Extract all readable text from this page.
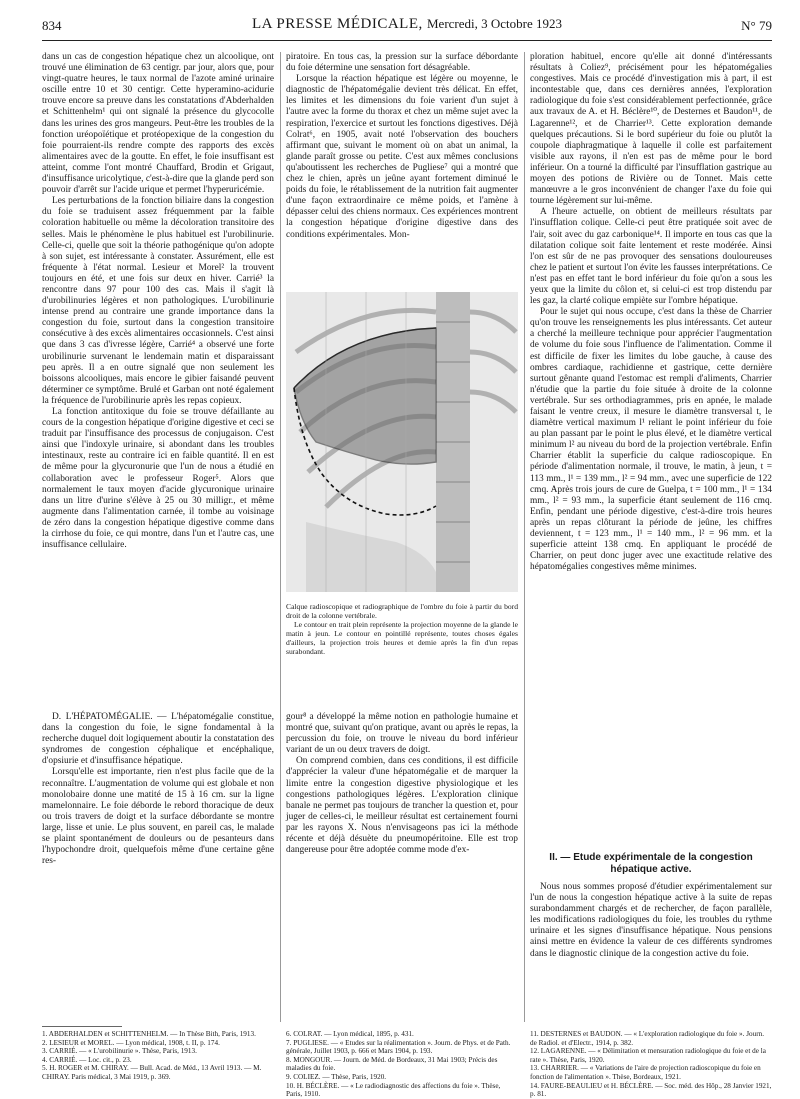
834	LA PRESSE MÉDICALE, Mercredi, 3 Octobre 1923	N° 79

dans un cas de congestion hépatique chez un alcoolique, ont trouvé une élimination de 63 centigr. par jour, alors que, pour vingt-quatre heures, le taux normal de l'azote aminé urinaire oscille entre 10 et 30 centigr. Cette hyperamino-acidurie trouve encore sa preuve dans les constatations d'Abderhalden et Schittenhelm¹ qui ont signalé la présence du glycocolle dans les urines des gros mangeurs. Peut-être les troubles de la fonction uréopoïétique et protéopexique de la congestion du foie pourraient-ils rendre compte des rapports des excès alimentaires avec de la goutte. En effet, le foie insuffisant est atteint, comme l'ont montré Chauffard, Brodin et Grigaut, d'insuffisance uricolytique, c'est-à-dire que la glande perd son pouvoir d'arrêt sur l'acide urique et permet l'hyperuricémie.

Les perturbations de la fonction biliaire dans la congestion du foie se traduisent assez fréquemment par la faible coloration habituelle ou même la décoloration transitoire des selles. Mais le phénomène le plus habituel est l'urobilinurie. Celle-ci, quelle que soit la théorie pathogénique qu'on adopte à son sujet, est intéressante à constater. Assurément, elle est fréquente à l'état normal. Lesieur et Morel² la trouvent toujours en été, et une fois sur deux en hiver. Carrié³ la rencontre dans 97 pour 100 des cas. Mais il s'agit là d'urobilinuries légères et non pathologiques. L'urobilinurie intense prend au contraire une grande importance dans la congestion du foie, surtout dans la congestion transitoire consécutive à des excès alimentaires occasionnels. C'est ainsi que dans 3 cas d'ivresse légère, Carrié⁴ a observé une forte urobilinurie survenant le lendemain matin et disparaissant peu après. Il a en outre signalé que non seulement les boissons alcooliques, mais encore le gibier faisandé peuvent déterminer ce symptôme. Brulé et Garban ont noté également la fréquence de l'urobilinurie après les repas copieux.

La fonction antitoxique du foie se trouve défaillante au cours de la congestion hépatique d'origine digestive et ceci se traduit par l'insuffisance des processus de conjugaison. C'est ainsi que l'indoxyle urinaire, si abondant dans les troubles intestinaux, reste au contraire ici en faible quantité. Il en est de même pour la glycuronurie que l'un de nous a étudié en collaboration avec le professeur Roger⁵. Alors que normalement le taux moyen d'acide glycuronique urinaire dans un litre d'urine s'élève à 25 ou 30 milligr., et même augmente dans l'alimentation carnée, il tombe au voisinage de zéro dans la congestion hépatique digestive comme dans la cirrhose du foie, ce qui montre, dans l'un et l'autre cas, une insuffisance cellulaire.

D. L'HÉPATOMÉGALIE. — L'hépatomégalie constitue, dans la congestion du foie, le signe fondamental à la recherche duquel doit logiquement aboutir la constatation des syndromes de congestion céphalique et encéphalique, d'opsiurie et d'insuffisance hépatique.

Lorsqu'elle est importante, rien n'est plus facile que de la reconnaître. L'augmentation de volume qui est globale et non monolobaire donne une matité de 15 à 16 cm. sur la ligne mamelonnaire. Le foie déborde le rebord thoracique de deux ou trois travers de doigt et la surface débordante se montre large, lisse et unie. Le plus souvent, en pareil cas, le malade se plaint spontanément de douleurs ou de pesanteurs dans l'hypochondre droit, quelquefois même d'une certaine gêne res-

piratoire. En tous cas, la pression sur la surface débordante du foie détermine une sensation fort désagréable.

Lorsque la réaction hépatique est légère ou moyenne, le diagnostic de l'hépatomégalie devient très délicat. En effet, les limites et les dimensions du foie varient d'un sujet à l'autre avec la forme du thorax et chez un même sujet avec la respiration, l'exercice et surtout les fonctions digestives. Déjà Colrat⁶, en 1905, avait noté l'observation des bouchers affirmant que, suivant le moment où on abat un animal, la glande paraît grosse ou petite. C'est aux mêmes conclusions qu'aboutissent les recherches de Pugliese⁷ qui a montré que chez le chien, après un jeûne ayant fortement diminué le poids du foie, le rétablissement de la nutrition fait augmenter d'une façon extraordinaire ce même poids, et l'amène à dépasser celui des chiens normaux. Ces expériences montrent la congestion hépatique d'origine digestive dans des conditions expérimentales. Mon-

Calque radioscopique et radiographique de l'ombre du foie à partir du bord droit de la colonne vertébrale.
Le contour en trait plein représente la projection moyenne de la glande le matin à jeun. Le contour en pointillé représente, toutes choses égales d'ailleurs, la projection trois heures et demie après la fin d'un repas surabondant.

gour⁸ a développé la même notion en pathologie humaine et montré que, suivant qu'on pratique, avant ou après le repas, la percussion du foie, on trouve le niveau du bord inférieur variant de un ou deux travers de doigt.

On comprend combien, dans ces conditions, il est difficile d'apprécier la valeur d'une hépatomégalie et de marquer la limite entre la congestion digestive physiologique et les congestions pathologiques légères. L'exploration clinique banale ne permet pas toujours de trancher la question et, pour juger de celles-ci, le meilleur résultat est certainement fourni par les rayons X. Nous n'envisageons pas ici la méthode récente et déjà désuète du pneumopéritoine. Elle est trop dangereuse pour être adoptée comme mode d'ex-

ploration habituel, encore qu'elle ait donné d'intéressants résultats à Coliez⁹, précisément pour les hépatomégalies congestives. Mais ce procédé d'investigation mis à part, il est incontestable que, dans ces dernières années, l'exploration radiologique du foie s'est considérablement perfectionnée, grâce aux travaux de A. et H. Béclère¹⁰, de Desternes et Baudon¹¹, de Lagarenne¹², et de Charrier¹³. Cette exploration demande quelques précautions. Si le bord supérieur du foie ou plutôt la coupole diaphragmatique à laquelle il colle est parfaitement visible aux rayons, il n'en est pas de même pour le bord inférieur. On a tourné la difficulté par l'insufflation gastrique au moyen des potions de Rivière ou de Tonnet. Mais cette manœuvre a le gros inconvénient de changer l'axe du foie qui tourne légèrement sur lui-même.

A l'heure actuelle, on obtient de meilleurs résultats par l'insufflation colique. Celle-ci peut être pratiquée soit avec de l'air, soit avec du gaz carbonique¹⁴. Il importe en tous cas que la dilatation colique soit faite lentement et reste modérée. Ainsi l'on est sûr de ne pas provoquer des sensations douloureuses chez le patient et surtout l'on évite les fausses interprétations. Ce n'est pas en effet tant le bord inférieur du foie qu'on a sous les yeux que la limite du côlon et, si celui-ci est trop distendu par les gaz, la clarté colique empiète sur l'ombre hépatique.

Pour le sujet qui nous occupe, c'est dans la thèse de Charrier qu'on trouve les renseignements les plus intéressants. Cet auteur a cherché la meilleure technique pour apprécier l'augmentation de volume du foie sous l'influence de l'alimentation. Comme il est difficile de fixer les limites du lobe gauche, à cause des ombres cardiaque, rachidienne et gastrique, cette dernière surtout gênante quand l'estomac est rempli d'aliments, Charrier n'étudie que la partie du foie située à droite de la colonne vertébrale. Sur ses orthodiagrammes, pris en apnée, le malade faisant le ventre creux, il mesure le diamètre transversal t, le diamètre vertical maximum l¹ reliant le point inférieur du foie au plan passant par le point le plus élevé, et le diamètre vertical minimum l² au niveau du bord de la projection vertébrale. Enfin Charrier établit la superficie du calque radioscopique. En période d'alimentation normale, il trouve, le matin, à jeun, t = 113 mm., l¹ = 139 mm., l² = 94 mm., avec une superficie de 122 cmq. Après trois jours de cure de Guelpa, t = 100 mm., l¹ = 134 mm., l² = 93 mm., la superficie étant seulement de 116 cmq. Enfin, pendant une période digestive, c'est-à-dire trois heures après un repas clôturant la période de jeûne, les chiffres deviennent, t = 123 mm., l¹ = 140 mm., l² = 96 mm. et la superficie atteint 138 cmq. En appliquant le procédé de Charrier, on peut donc juger avec une exactitude relative des hépatomégalies congestives même minimes.

II. — Etude expérimentale de la congestion hépatique active.

Nous nous sommes proposé d'étudier expérimentalement sur l'un de nous la congestion hépatique active à la suite de repas surabondamment chargés et de rechercher, de façon parallèle, les modifications radiologiques du foie, les troubles du rythme urinaire et les signes d'insuffisance hépatique. Nous pensions ainsi mettre en évidence la valeur de ces différents syndromes dans le diagnostic clinique de la congestion active du foie.

1. ABDERHALDEN et SCHITTENHELM. — In Thèse Bith, Paris, 1913.
2. LESIEUR et MOREL. — Lyon médical, 1908, t. II, p. 174.
3. CARRIÉ. — « L'urobilinurie ». Thèse, Paris, 1913.
4. CARRIÉ. — Loc. cit., p. 23.
5. H. ROGER et M. CHIRAY. — Bull. Acad. de Méd., 13 Avril 1913. — M. CHIRAY. Paris médical, 3 Mai 1919, p. 369.
6. COLRAT. — Lyon médical, 1895, p. 431.
7. PUGLIESE. — « Etudes sur la réalimentation ». Journ. de Phys. et de Path. générale, Juillet 1903, p. 666 et Mars 1904, p. 193.
8. MONGOUR. — Journ. de Méd. de Bordeaux, 31 Mai 1903; Précis des maladies du foie.
9. COLIEZ. — Thèse, Paris, 1920.
10. H. BÉCLÈRE. — « Le radiodiagnostic des affections du foie ». Thèse, Paris, 1910.
11. DESTERNES et BAUDON. — « L'exploration radiologique du foie ». Journ. de Radiol. et d'Electr., 1914, p. 382.
12. LAGARENNE. — « Délimitation et mensuration radiologique du foie et de la rate ». Thèse, Paris, 1920.
13. CHARRIER. — « Variations de l'aire de projection radioscopique du foie en fonction de l'alimentation ». Thèse, Bordeaux, 1921.
14. FAURE-BEAULIEU et H. BÉCLÈRE. — Soc. méd. des Hôp., 28 Janvier 1921, p. 81.
